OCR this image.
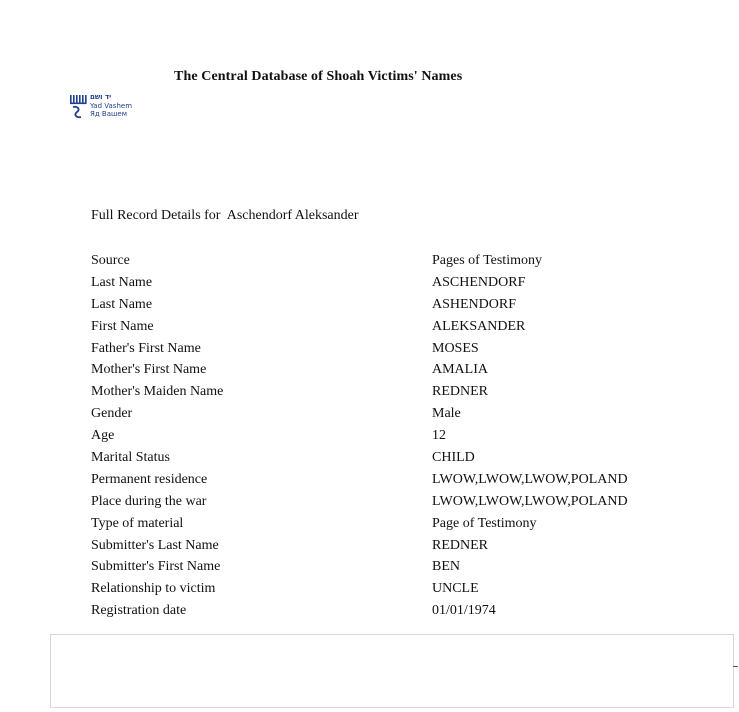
The Central Database of Shoah Victims' Names
יד ושם
Yad Vashem
Яд Вашем
Full Record Details for Aschendorf Aleksander
Source	Pages of Testimony
Last Name	ASCHENDORF
Last Name	ASHENDORF
First Name	ALEKSANDER
Father's First Name	MOSES
Mother's First Name	AMALIA
Mother's Maiden Name	REDNER
Gender	Male
Age	12
Marital Status	CHILD
Permanent residence	LWOW,LWOW,LWOW,POLAND
Place during the war	LWOW,LWOW,LWOW,POLAND
Type of material	Page of Testimony
Submitter's Last Name	REDNER
Submitter's First Name	BEN
Relationship to victim	UNCLE
Registration date	01/01/1974
